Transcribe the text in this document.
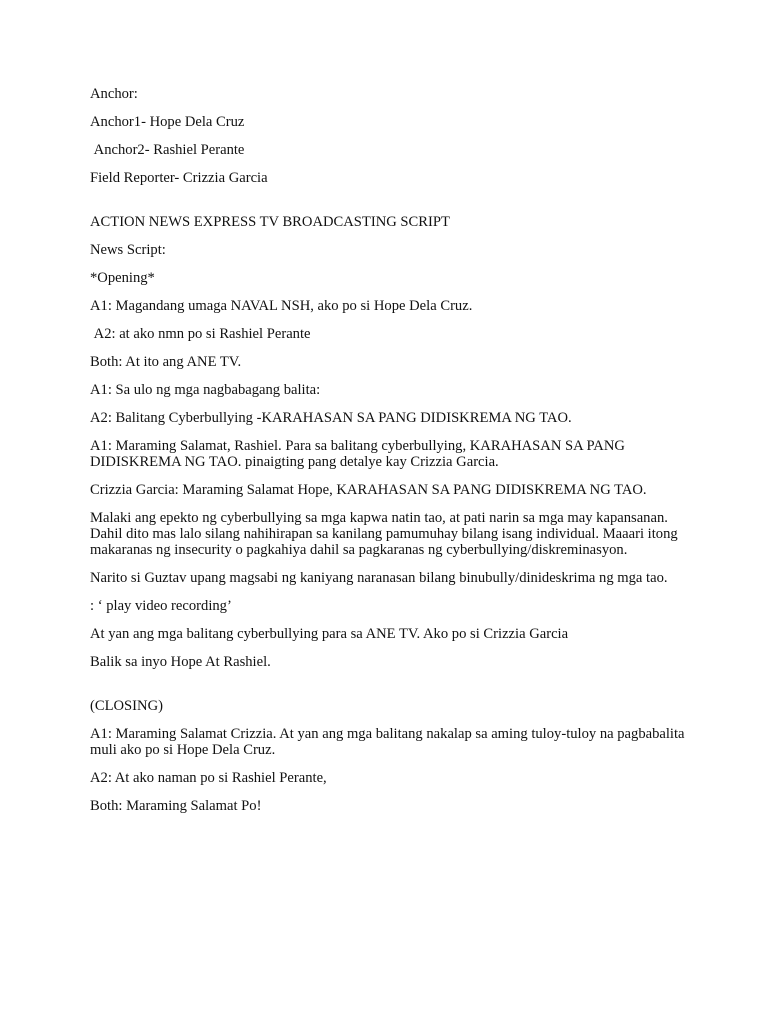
Anchor:

Anchor1- Hope Dela Cruz

Anchor2- Rashiel Perante

Field Reporter- Crizzia Garcia

ACTION NEWS EXPRESS TV BROADCASTING SCRIPT

News Script:

*Opening*

A1: Magandang umaga NAVAL NSH, ako po si Hope Dela Cruz.

A2: at ako nmn po si Rashiel Perante

Both: At ito ang ANE TV.

A1: Sa ulo ng mga nagbabagang balita:

A2: Balitang Cyberbullying -KARAHASAN SA PANG DIDISKREMA NG TAO.

A1: Maraming Salamat, Rashiel. Para sa balitang cyberbullying, KARAHASAN SA PANG DIDISKREMA NG TAO. pinaigting pang detalye kay Crizzia Garcia.

Crizzia Garcia: Maraming Salamat Hope, KARAHASAN SA PANG DIDISKREMA NG TAO.

Malaki ang epekto ng cyberbullying sa mga kapwa natin tao, at pati narin sa mga may kapansanan. Dahil dito mas lalo silang nahihirapan sa kanilang pamumuhay bilang isang individual. Maaari itong makaranas ng insecurity o pagkahiya dahil sa pagkaranas ng cyberbullying/diskreminasyon.

Narito si Guztav upang magsabi ng kaniyang naranasan bilang binubully/dinideskrima ng mga tao.

: ‘ play video recording’

At yan ang mga balitang cyberbullying para sa ANE TV. Ako po si Crizzia Garcia

Balik sa inyo Hope At Rashiel.

(CLOSING)

A1: Maraming Salamat Crizzia. At yan ang mga balitang nakalap sa aming tuloy-tuloy na pagbabalita muli ako po si Hope Dela Cruz.

A2: At ako naman po si Rashiel Perante,

Both: Maraming Salamat Po!
